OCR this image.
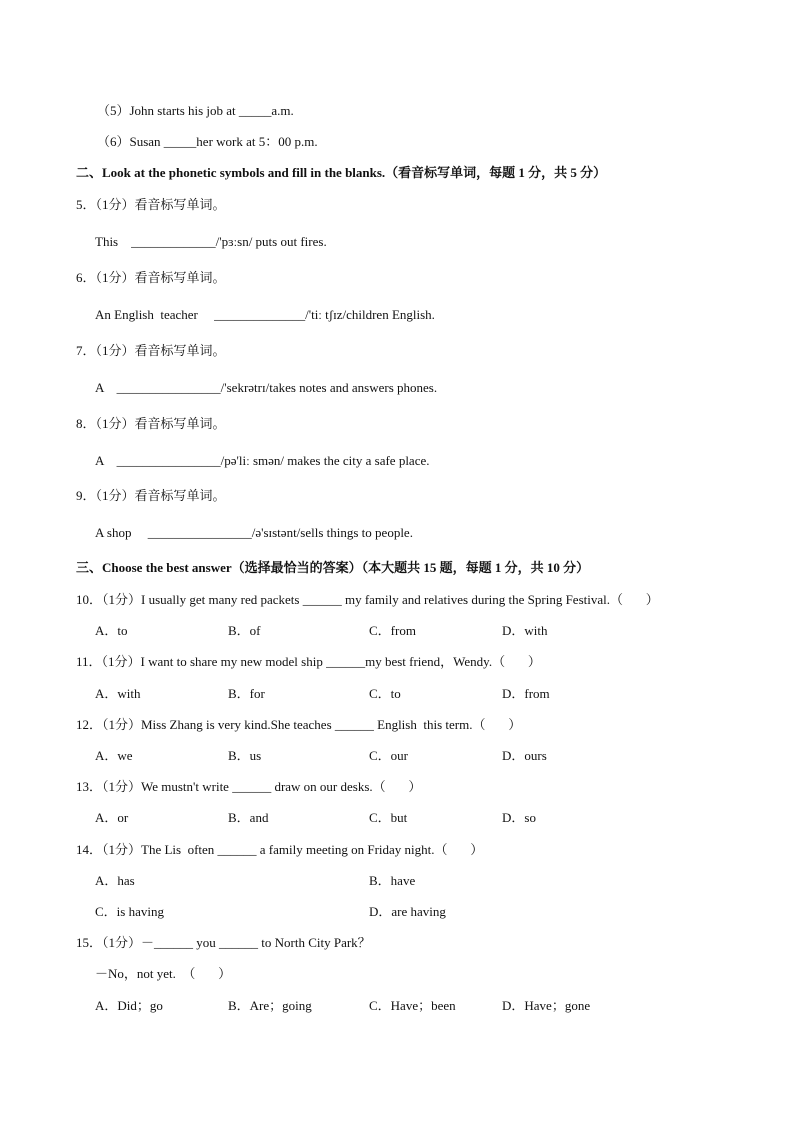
（5）John starts his job at _____a.m.
（6）Susan _____her work at 5：00 p.m.
二、Look at the phonetic symbols and fill in the blanks.（看音标写单词，每题 1 分，共 5 分）
5．（1分）看音标写单词。
This    _____________/'pɜːsn/ puts out fires.
6．（1分）看音标写单词。
An English  teacher     ______________/'tiː tʃɪz/children English.
7．（1分）看音标写单词。
A    ________________/'sekrətrɪ/takes notes and answers phones.
8．（1分）看音标写单词。
A    ________________/pə'liː smən/ makes the city a safe place.
9．（1分）看音标写单词。
A shop     ________________/ə'sɪstənt/sells things to people.
三、Choose the best answer（选择最恰当的答案）（本大题共 15 题，每题 1 分，共 10 分）
10．（1分）I usually get many red packets ______ my family and relatives during the Spring Festival.（       ）
A．to	B．of	C．from	D．with
11．（1分）I want to share my new model ship ______my best friend，Wendy.（       ）
A．with	B．for	C．to	D．from
12．（1分）Miss Zhang is very kind.She teaches ______ English  this term.（       ）
A．we	B．us	C．our	D．ours
13．（1分）We mustn't write ______ draw on our desks.（       ）
A．or	B．and	C．but	D．so
14．（1分）The Lis  often ______ a family meeting on Friday night.（       ）
A．has	B．have
C．is having	D．are having
15．（1分）－______ you ______ to North City Park？
－No，not yet.  （       ）
A．Did；go	B．Are；going	C．Have；been	D．Have；gone
